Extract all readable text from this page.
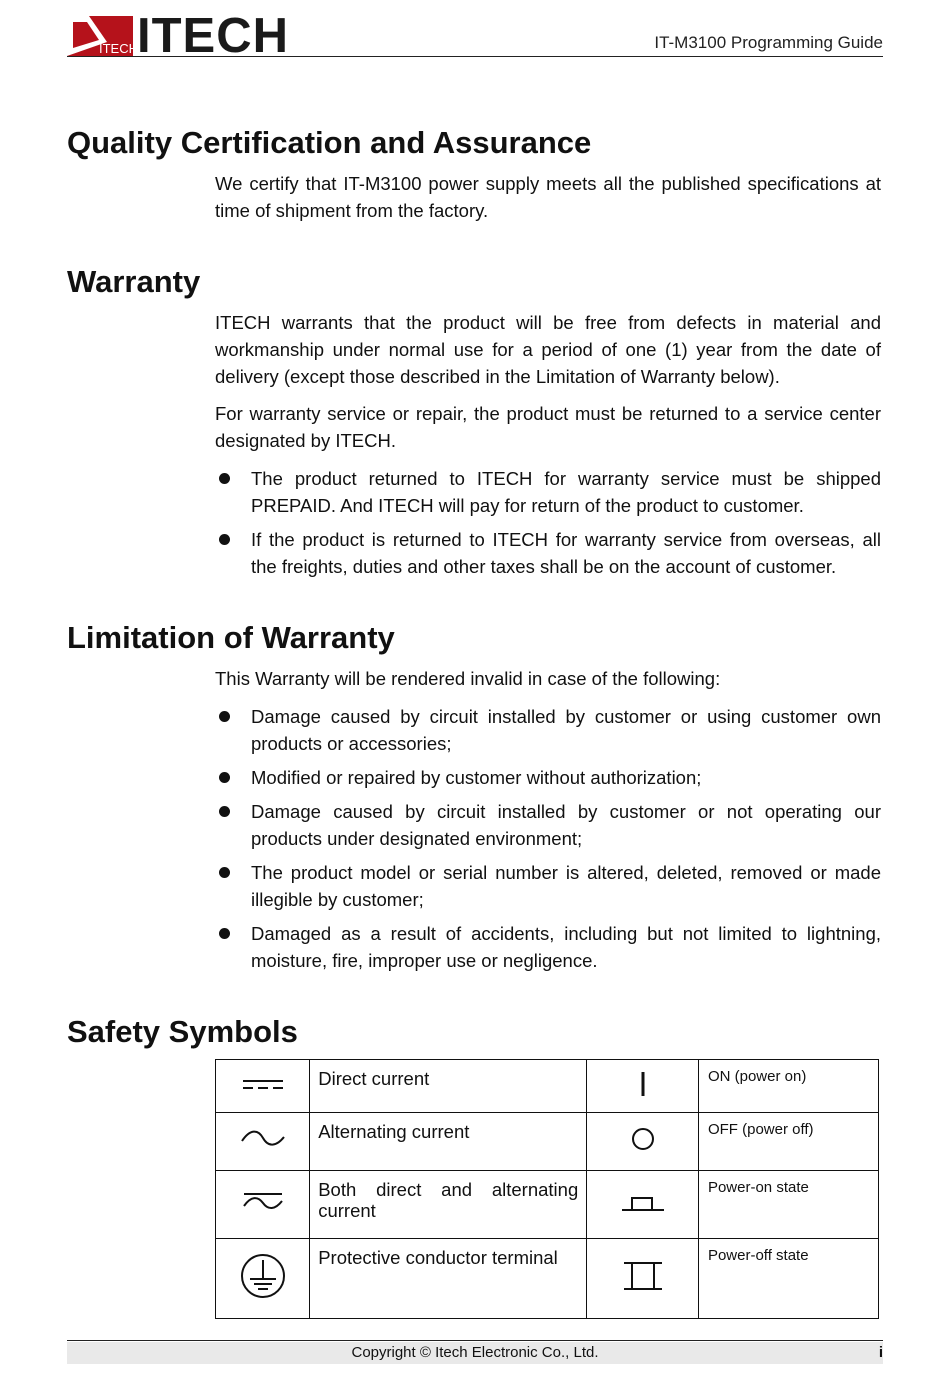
ITECH ITECH	IT-M3100 Programming Guide
Quality Certification and Assurance

We certify that IT-M3100 power supply meets all the published specifications at time of shipment from the factory.

Warranty

ITECH warrants that the product will be free from defects in material and workmanship under normal use for a period of one (1) year from the date of delivery (except those described in the Limitation of Warranty below).

For warranty service or repair, the product must be returned to a service center designated by ITECH.

The product returned to ITECH for warranty service must be shipped PREPAID. And ITECH will pay for return of the product to customer.
If the product is returned to ITECH for warranty service from overseas, all the freights, duties and other taxes shall be on the account of customer.
Limitation of Warranty

This Warranty will be rendered invalid in case of the following:

Damage caused by circuit installed by customer or using customer own products or accessories;
Modified or repaired by customer without authorization;
Damage caused by circuit installed by customer or not operating our products under designated environment;
The product model or serial number is altered, deleted, removed or made illegible by customer;
Damaged as a result of accidents, including but not limited to lightning, moisture, fire, improper use or negligence.
Safety Symbols

Direct current		ON (power on)

Alternating current		OFF (power off)

Both direct and alternating current		Power-on state

Protective conductor terminal		Power-off state
Copyright © Itech Electronic Co., Ltd.	i
